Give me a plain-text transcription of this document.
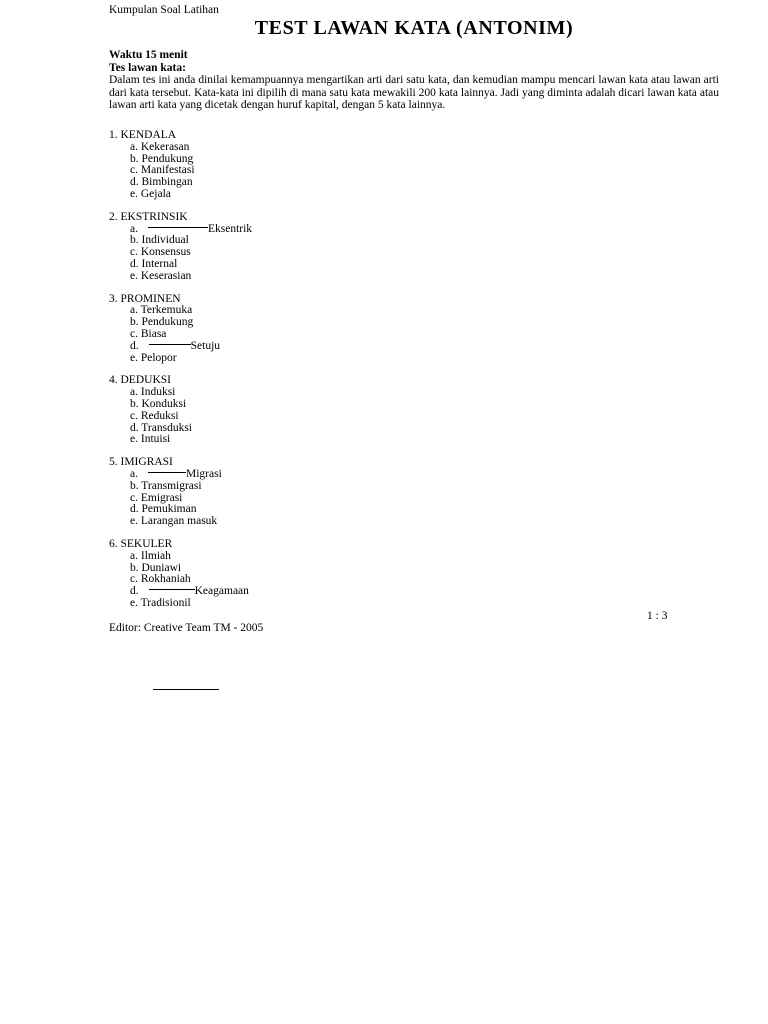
Kumpulan Soal Latihan
TEST LAWAN KATA (ANTONIM)
Waktu 15 menit
Tes lawan kata:
Dalam tes ini anda dinilai kemampuannya mengartikan arti dari satu kata, dan kemudian mampu mencari lawan kata atau lawan arti dari kata tersebut. Kata-kata ini dipilih di mana satu kata mewakili 200 kata lainnya. Jadi yang diminta adalah dicari lawan kata atau lawan arti kata yang dicetak dengan huruf kapital, dengan 5 kata lainnya.
1. KENDALA
a. Kekerasan
b. Pendukung
c. Manifestasi
d. Bimbingan
e. Gejala
2. EKSTRINSIK
a.	Eksentrik
b. Individual
c. Konsensus
d. Internal
e. Keserasian
3. PROMINEN
a. Terkemuka
b. Pendukung
c. Biasa
d.	Setuju
e. Pelopor
4. DEDUKSI
a. Induksi
b. Konduksi
c. Reduksi
d. Transduksi
e. Intuisi
5. IMIGRASI
a.	Migrasi
b. Transmigrasi
c. Emigrasi
d. Pemukiman
e. Larangan masuk
6. SEKULER
a. Ilmiah
b. Duniawi
c. Rokhaniah
d.	Keagamaan
e. Tradisionil
1 : 3
Editor: Creative Team TM - 2005
